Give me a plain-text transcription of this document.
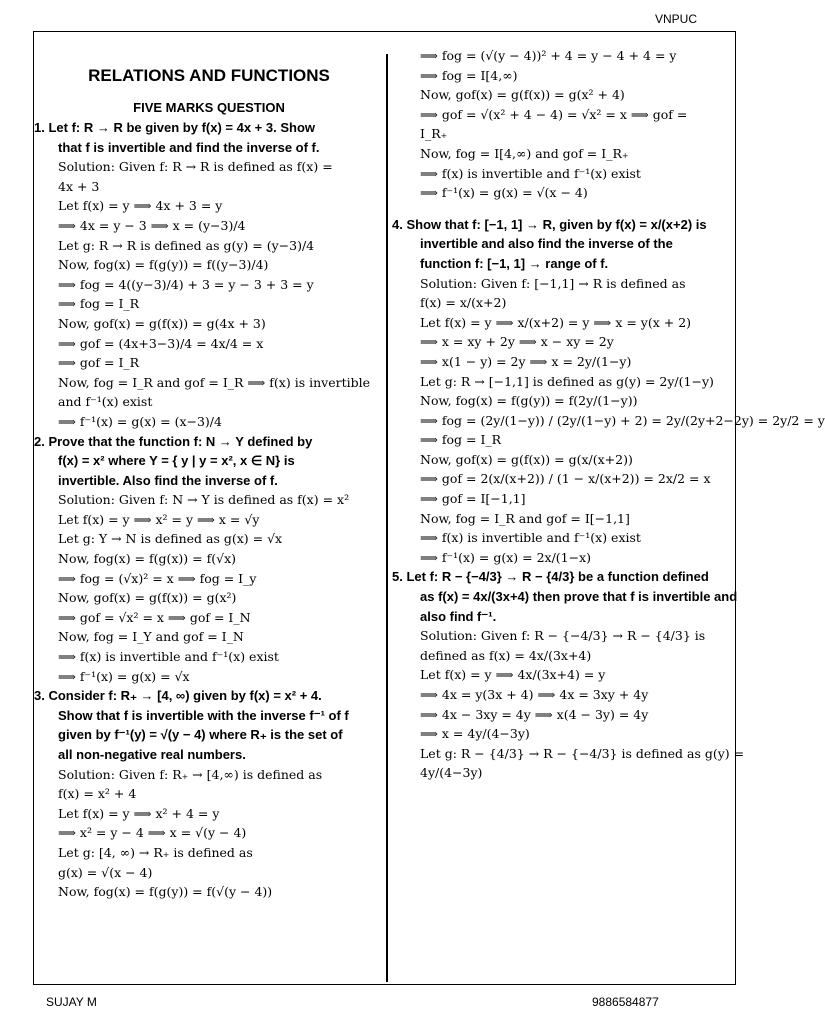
VNPUC
RELATIONS AND FUNCTIONS
FIVE MARKS QUESTION
1. Let f: R → R be given by f(x) = 4x + 3. Show
that f is invertible and find the inverse of f.
Solution: Given f: R → R is defined as f(x) =
4x + 3
Let f(x) = y ⟹ 4x + 3 = y
⟹ 4x = y − 3 ⟹ x = (y−3)/4
Let g: R → R is defined as g(y) = (y−3)/4
Now, fog(x) = f(g(y)) = f((y−3)/4)
⟹ fog = 4((y−3)/4) + 3 = y − 3 + 3 = y
⟹ fog = I_R
Now, gof(x) = g(f(x)) = g(4x + 3)
⟹ gof = (4x+3−3)/4 = 4x/4 = x
⟹ gof = I_R
Now, fog = I_R and gof = I_R ⟹ f(x) is invertible
and f⁻¹(x) exist
⟹ f⁻¹(x) = g(x) = (x−3)/4
2. Prove that the function f: N → Y defined by
f(x) = x² where Y = { y | y = x², x ∈ N} is
invertible. Also find the inverse of f.
Solution: Given f: N → Y is defined as f(x) = x²
Let f(x) = y ⟹ x² = y ⟹ x = √y
Let g: Y → N is defined as g(x) = √x
Now, fog(x) = f(g(x)) = f(√x)
⟹ fog = (√x)² = x ⟹ fog = I_y
Now, gof(x) = g(f(x)) = g(x²)
⟹ gof = √x² = x ⟹ gof = I_N
Now, fog = I_Y and gof = I_N
⟹ f(x) is invertible and f⁻¹(x) exist
⟹ f⁻¹(x) = g(x) = √x
3. Consider f: R₊ → [4, ∞) given by f(x) = x² + 4.
Show that f is invertible with the inverse f⁻¹ of f
given by f⁻¹(y) = √(y − 4) where R₊ is the set of
all non-negative real numbers.
Solution: Given f: R₊ → [4,∞) is defined as
f(x) = x² + 4
Let f(x) = y ⟹ x² + 4 = y
⟹ x² = y − 4 ⟹ x = √(y − 4)
Let g: [4, ∞) → R₊ is defined as
g(x) = √(x − 4)
Now, fog(x) = f(g(y)) = f(√(y − 4))
⟹ fog = (√(y − 4))² + 4 = y − 4 + 4 = y
⟹ fog = I[4,∞)
Now, gof(x) = g(f(x)) = g(x² + 4)
⟹ gof = √(x² + 4 − 4) = √x² = x ⟹ gof =
I_R₊
Now, fog = I[4,∞) and gof = I_R₊
⟹ f(x) is invertible and f⁻¹(x) exist
⟹ f⁻¹(x) = g(x) = √(x − 4)
4. Show that f: [−1, 1] → R, given by f(x) = x/(x+2) is
invertible and also find the inverse of the
function f: [−1, 1] → range of f.
Solution: Given f: [−1,1] → R is defined as
f(x) = x/(x+2)
Let f(x) = y ⟹ x/(x+2) = y ⟹ x = y(x + 2)
⟹ x = xy + 2y ⟹ x − xy = 2y
⟹ x(1 − y) = 2y ⟹ x = 2y/(1−y)
Let g: R → [−1,1] is defined as g(y) = 2y/(1−y)
Now, fog(x) = f(g(y)) = f(2y/(1−y))
⟹ fog = (2y/(1−y)) / (2y/(1−y) + 2) = 2y/(2y+2−2y) = 2y/2 = y
⟹ fog = I_R
Now, gof(x) = g(f(x)) = g(x/(x+2))
⟹ gof = 2(x/(x+2)) / (1 − x/(x+2)) = 2x/2 = x
⟹ gof = I[−1,1]
Now, fog = I_R and gof = I[−1,1]
⟹ f(x) is invertible and f⁻¹(x) exist
⟹ f⁻¹(x) = g(x) = 2x/(1−x)
5. Let f: R − {−4/3} → R − {4/3} be a function defined
as f(x) = 4x/(3x+4) then prove that f is invertible and
also find f⁻¹.
Solution: Given f: R − {−4/3} → R − {4/3} is
defined as f(x) = 4x/(3x+4)
Let f(x) = y ⟹ 4x/(3x+4) = y
⟹ 4x = y(3x + 4) ⟹ 4x = 3xy + 4y
⟹ 4x − 3xy = 4y ⟹ x(4 − 3y) = 4y
⟹ x = 4y/(4−3y)
Let g: R − {4/3} → R − {−4/3} is defined as g(y) =
4y/(4−3y)
SUJAY M	9886584877
